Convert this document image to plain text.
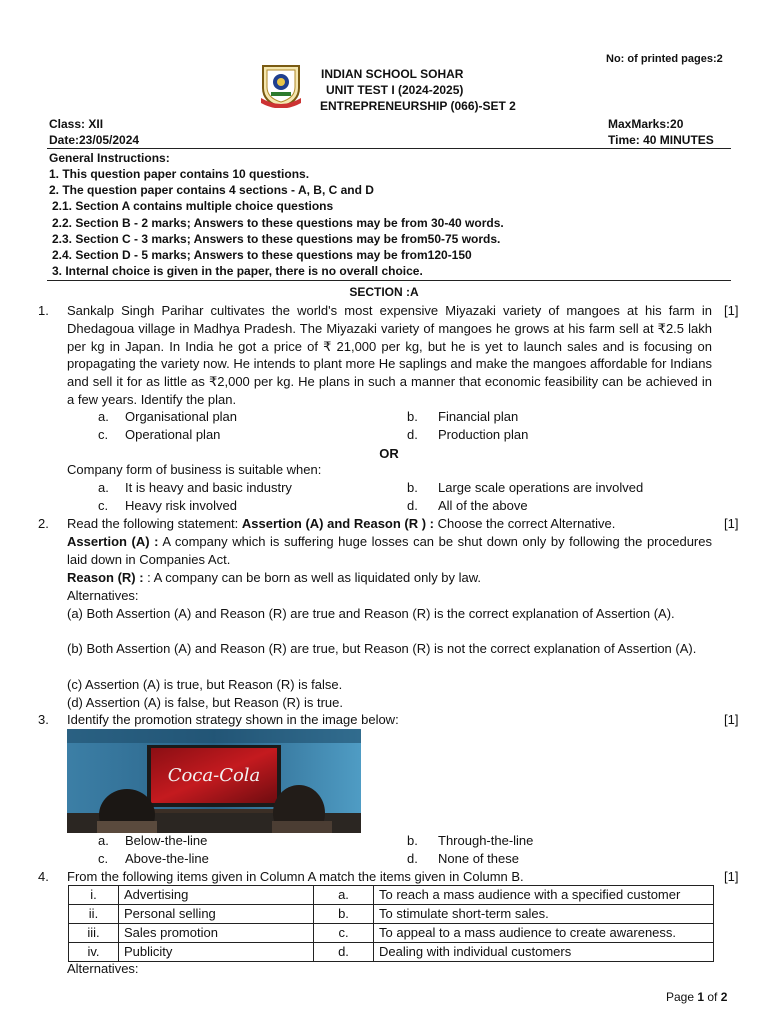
No: of printed pages:2
INDIAN SCHOOL SOHAR
UNIT TEST I (2024-2025)
ENTREPRENEURSHIP (066)-SET 2
Class: XII
Date:23/05/2024
MaxMarks:20
Time: 40 MINUTES
General Instructions:
1. This question paper contains 10 questions.
2. The question paper contains 4 sections - A, B, C and D
2.1. Section A contains multiple choice questions
2.2. Section B - 2 marks; Answers to these questions may be from 30-40 words.
2.3. Section C - 3 marks; Answers to these questions may be from50-75 words.
2.4. Section D - 5 marks; Answers to these questions may be from120-150
3. Internal choice is given in the paper, there is no overall choice.
SECTION :A
1.	[1]
Sankalp Singh Parihar cultivates the world's most expensive Miyazaki variety of mangoes at his farm in Dhedagoua village in Madhya Pradesh. The Miyazaki variety of mangoes he grows at his farm sell at ₹2.5 lakh per kg in Japan. In India he got a price of ₹ 21,000 per kg, but he is yet to launch sales and is focusing on propagating the variety now. He intends to plant more He saplings and make the mangoes affordable for Indians and sell it for as little as ₹2,000 per kg. He plans in such a manner that economic feasibility can be achieved in a few years. Identify the plan.
a. Organisational plan	b. Financial plan
c. Operational plan	d. Production plan
OR
Company form of business is suitable when:
a. It is heavy and basic industry	b. Large scale operations are involved
c. Heavy risk involved	d. All of the above
2.	[1]
Read the following statement: Assertion (A) and Reason (R ) : Choose the correct Alternative.
Assertion (A) : A company which is suffering huge losses can be shut down only by following the procedures laid down in Companies Act.
Reason (R) : : A company can be born as well as liquidated only by law.
Alternatives:
(a) Both Assertion (A) and Reason (R) are true and Reason (R) is the correct explanation of Assertion (A).
(b) Both Assertion (A) and Reason (R) are true, but Reason (R) is not the correct explanation of Assertion (A).
(c) Assertion (A) is true, but Reason (R) is false.
(d) Assertion (A) is false, but Reason (R) is true.
3.	[1]
Identify the promotion strategy shown in the image below:
Coca-Cola
a. Below-the-line	b. Through-the-line
c. Above-the-line	d. None of these
4.	[1]
From the following items given in Column A match the items given in Column B.
i.	Advertising	a.	To reach a mass audience with a specified customer
ii.	Personal selling	b.	To stimulate short-term sales.
iii.	Sales promotion	c.	To appeal to a mass audience to create awareness.
iv.	Publicity	d.	Dealing with individual customers
Alternatives:
Page 1 of 2
